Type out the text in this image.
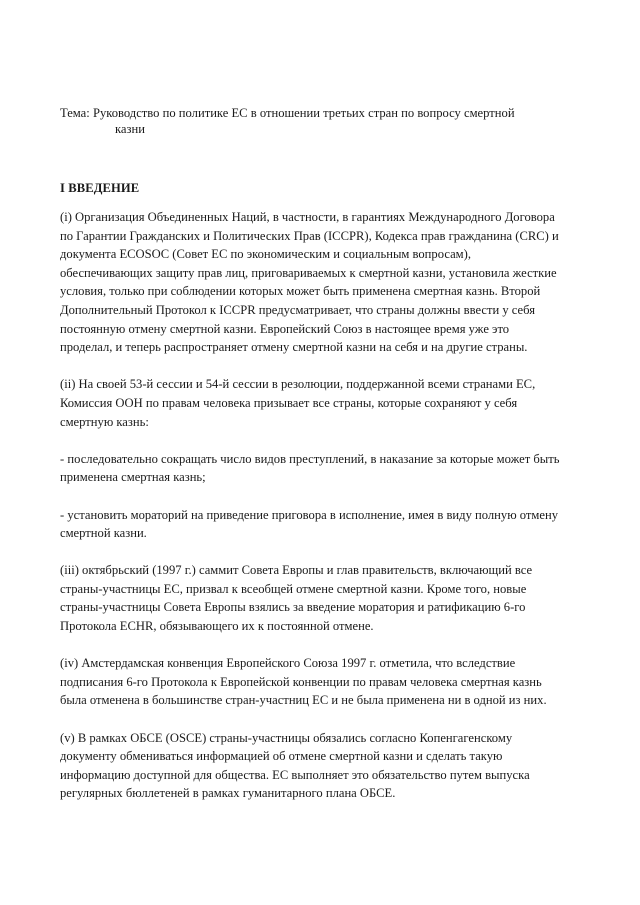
Тема: Руководство по политике ЕС в отношении третьих стран по вопросу смертной
казни
I ВВЕДЕНИЕ

(i) Организация Объединенных Наций, в частности, в гарантиях Международного Договора
по Гарантии Гражданских и Политических Прав (ICCPR), Кодекса прав гражданина (CRC) и
документа ECOSOC (Совет ЕС по экономическим и социальным вопросам),
обеспечивающих защиту прав лиц, приговариваемых к смертной казни, установила жесткие
условия, только при соблюдении которых может быть применена смертная казнь. Второй
Дополнительный Протокол к ICCPR предусматривает, что страны должны ввести у себя
постоянную отмену смертной казни. Европейский Союз в настоящее время уже это
проделал, и теперь распространяет отмену смертной казни на себя и на другие страны.

(ii) На своей 53-й сессии и 54-й сессии в резолюции, поддержанной всеми странами ЕС,
Комиссия ООН по правам человека призывает все страны, которые сохраняют у себя
смертную казнь:

- последовательно сокращать число видов преступлений, в наказание за которые может быть
применена смертная казнь;

- установить мораторий на приведение приговора в исполнение, имея в виду полную отмену
смертной казни.

(iii) октябрьский (1997 г.) саммит Совета Европы и глав правительств, включающий все
страны-участницы ЕС, призвал к всеобщей отмене смертной казни. Кроме того, новые
страны-участницы Совета Европы взялись за введение моратория и ратификацию 6-го
Протокола ECHR, обязывающего их к постоянной отмене.

(iv) Амстердамская конвенция Европейского Союза 1997 г. отметила, что вследствие
подписания 6-го Протокола к Европейской конвенции по правам человека смертная казнь
была отменена в большинстве стран-участниц ЕС и не была применена ни в одной из них.

(v) В рамках ОБСЕ (OSCE) страны-участницы обязались согласно Копенгагенскому
документу обмениваться информацией об отмене смертной казни и сделать такую
информацию доступной для общества. ЕС выполняет это обязательство путем выпуска
регулярных бюллетеней в рамках гуманитарного плана ОБСЕ.
